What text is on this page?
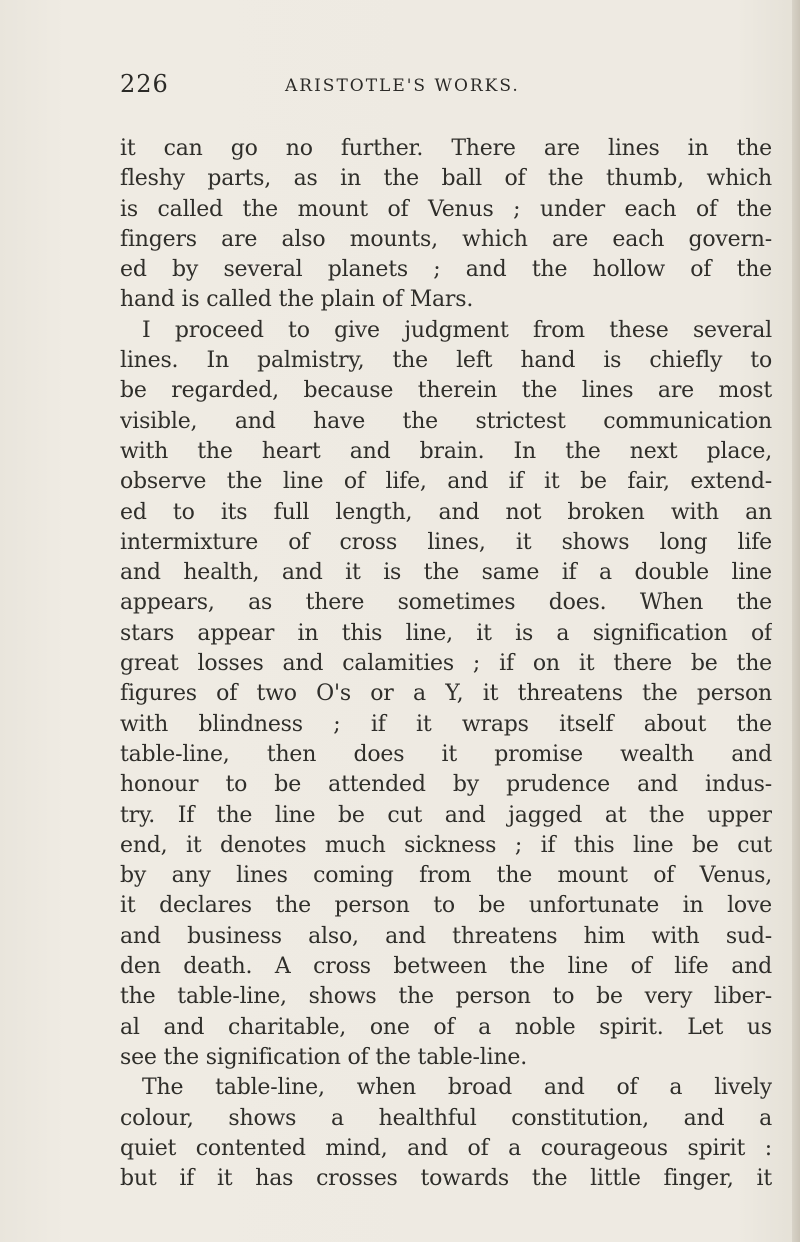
226	ARISTOTLE'S WORKS.
it can go no further. There are lines in the
fleshy parts, as in the ball of the thumb, which
is called the mount of Venus ; under each of the
fingers are also mounts, which are each govern-
ed by several planets ; and the hollow of the
hand is called the plain of Mars.
I proceed to give judgment from these several
lines. In palmistry, the left hand is chiefly to
be regarded, because therein the lines are most
visible, and have the strictest communication
with the heart and brain. In the next place,
observe the line of life, and if it be fair, extend-
ed to its full length, and not broken with an
intermixture of cross lines, it shows long life
and health, and it is the same if a double line
appears, as there sometimes does. When the
stars appear in this line, it is a signification of
great losses and calamities ; if on it there be the
figures of two O's or a Y, it threatens the person
with blindness ; if it wraps itself about the
table-line, then does it promise wealth and
honour to be attended by prudence and indus-
try. If the line be cut and jagged at the upper
end, it denotes much sickness ; if this line be cut
by any lines coming from the mount of Venus,
it declares the person to be unfortunate in love
and business also, and threatens him with sud-
den death. A cross between the line of life and
the table-line, shows the person to be very liber-
al and charitable, one of a noble spirit. Let us
see the signification of the table-line.
The table-line, when broad and of a lively
colour, shows a healthful constitution, and a
quiet contented mind, and of a courageous spirit :
but if it has crosses towards the little finger, it
